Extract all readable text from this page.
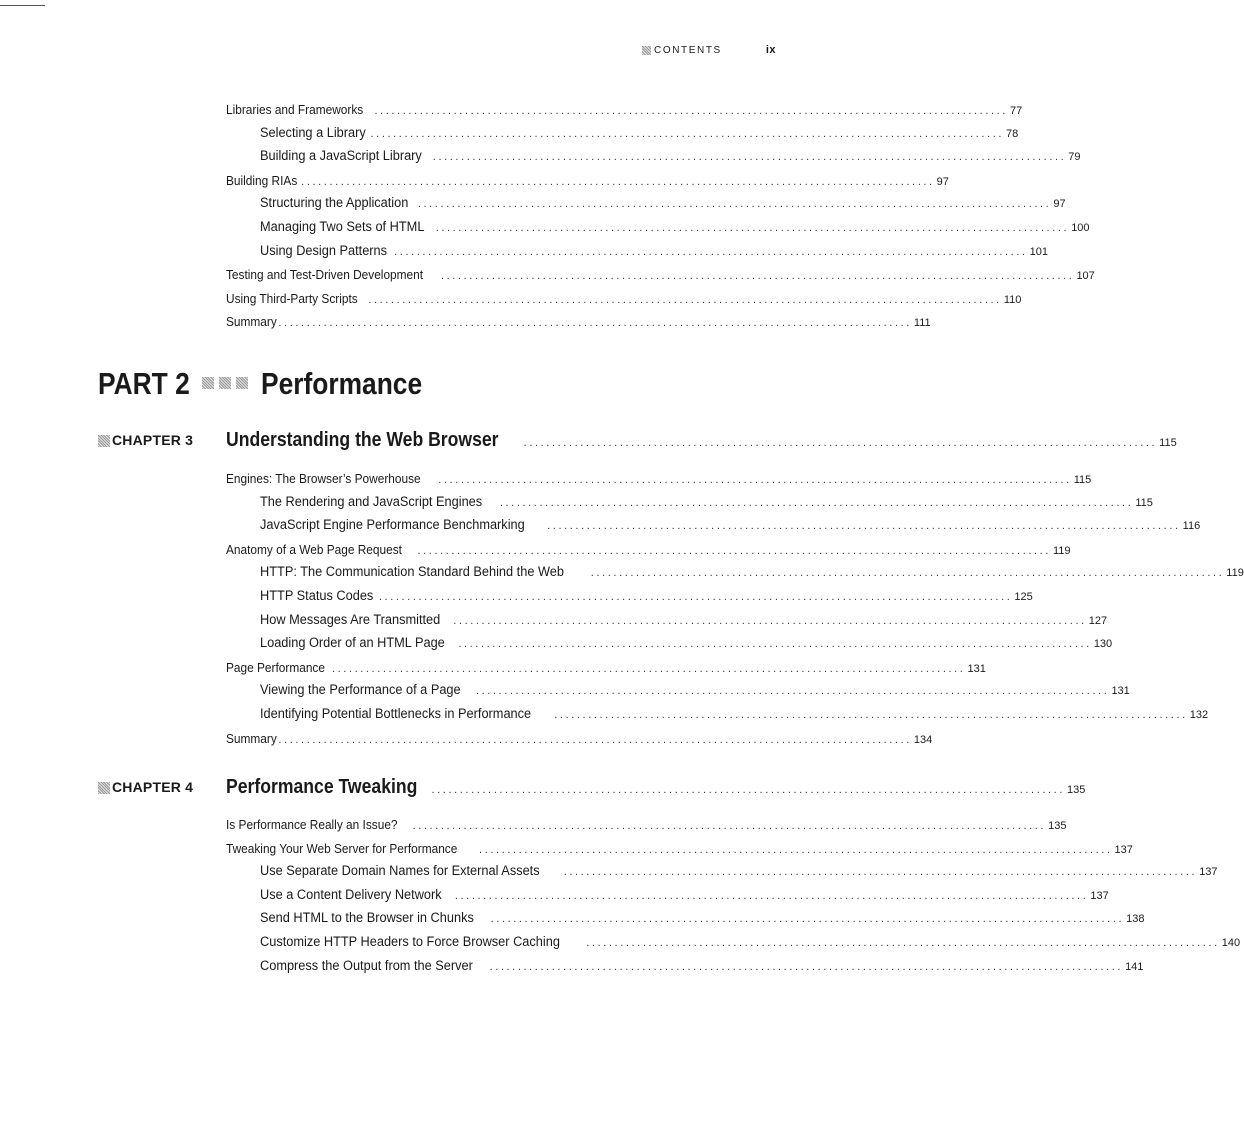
CONTENTS	ix
Libraries and Frameworks ................................................................................................................ 77
Selecting a Library ................................................................................................................ 78
Building a JavaScript Library ................................................................................................................ 79
Building RIAs ................................................................................................................ 97
Structuring the Application ................................................................................................................ 97
Managing Two Sets of HTML ................................................................................................................ 100
Using Design Patterns ................................................................................................................ 101
Testing and Test-Driven Development ................................................................................................................ 107
Using Third-Party Scripts ................................................................................................................ 110
Summary ................................................................................................................ 111
PART 2 Performance
CHAPTER 3 Understanding the Web Browser ................................................................................................................ 115
Engines: The Browser’s Powerhouse ................................................................................................................ 115
The Rendering and JavaScript Engines ................................................................................................................ 115
JavaScript Engine Performance Benchmarking ................................................................................................................ 116
Anatomy of a Web Page Request ................................................................................................................ 119
HTTP: The Communication Standard Behind the Web ................................................................................................................ 119
HTTP Status Codes ................................................................................................................ 125
How Messages Are Transmitted ................................................................................................................ 127
Loading Order of an HTML Page ................................................................................................................ 130
Page Performance ................................................................................................................ 131
Viewing the Performance of a Page ................................................................................................................ 131
Identifying Potential Bottlenecks in Performance ................................................................................................................ 132
Summary ................................................................................................................ 134
CHAPTER 4 Performance Tweaking ................................................................................................................ 135
Is Performance Really an Issue? ................................................................................................................ 135
Tweaking Your Web Server for Performance ................................................................................................................ 137
Use Separate Domain Names for External Assets ................................................................................................................ 137
Use a Content Delivery Network ................................................................................................................ 137
Send HTML to the Browser in Chunks ................................................................................................................ 138
Customize HTTP Headers to Force Browser Caching ................................................................................................................ 140
Compress the Output from the Server ................................................................................................................ 141
